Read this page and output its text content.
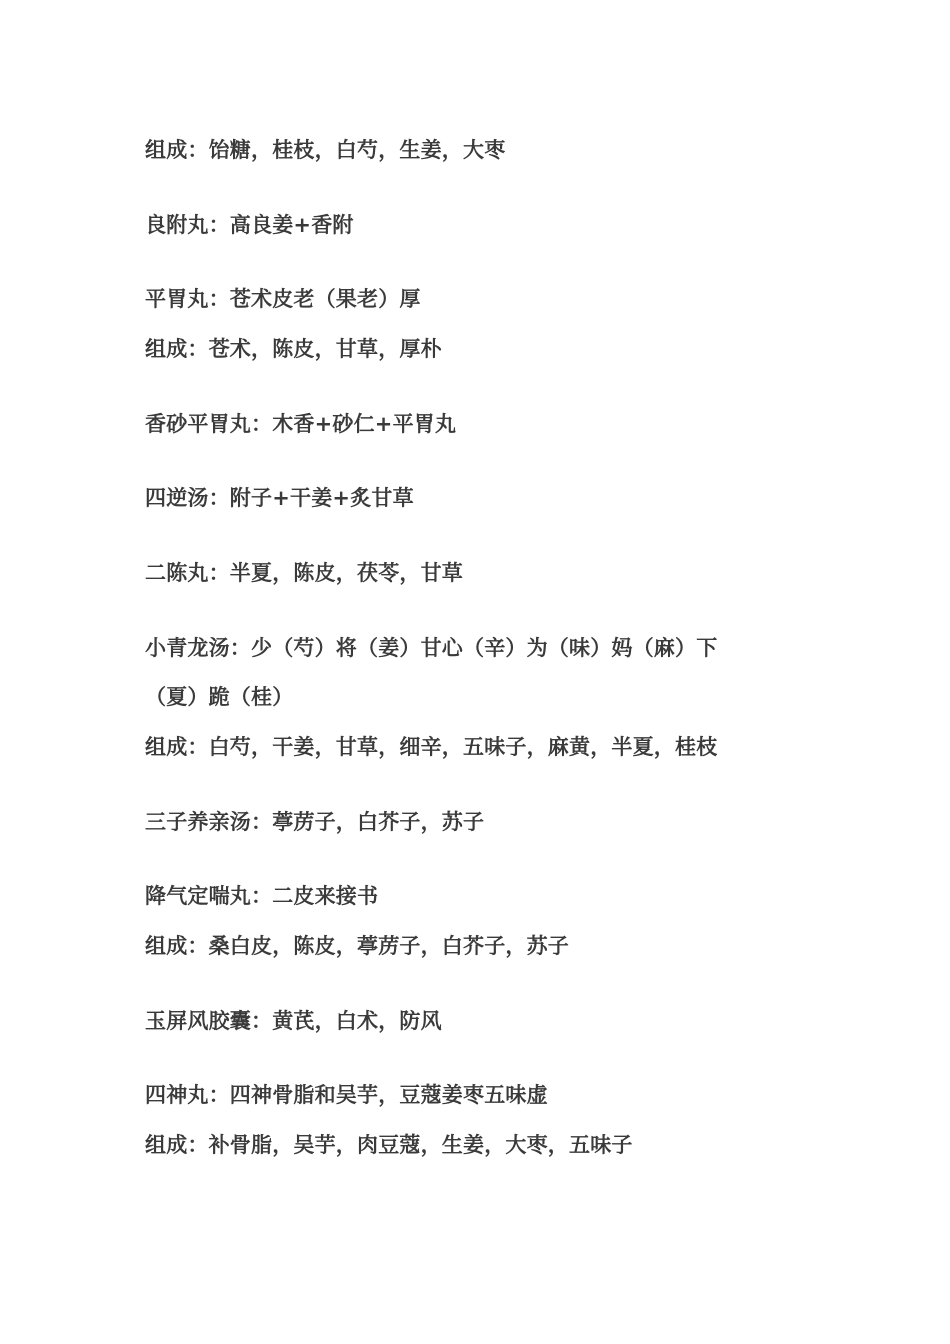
组成：饴糖，桂枝，白芍，生姜，大枣
良附丸：高良姜+香附
平胃丸：苍术皮老（果老）厚
组成：苍术，陈皮，甘草，厚朴
香砂平胃丸：木香+砂仁+平胃丸
四逆汤：附子+干姜+炙甘草
二陈丸：半夏，陈皮，茯苓，甘草
小青龙汤：少（芍）将（姜）甘心（辛）为（味）妈（麻）下
（夏）跪（桂）
组成：白芍，干姜，甘草，细辛，五味子，麻黄，半夏，桂枝
三子养亲汤：葶苈子，白芥子，苏子
降气定喘丸：二皮来接书
组成：桑白皮，陈皮，葶苈子，白芥子，苏子
玉屏风胶囊：黄芪，白术，防风
四神丸：四神骨脂和吴芋，豆蔻姜枣五味虚
组成：补骨脂，吴芋，肉豆蔻，生姜，大枣，五味子
